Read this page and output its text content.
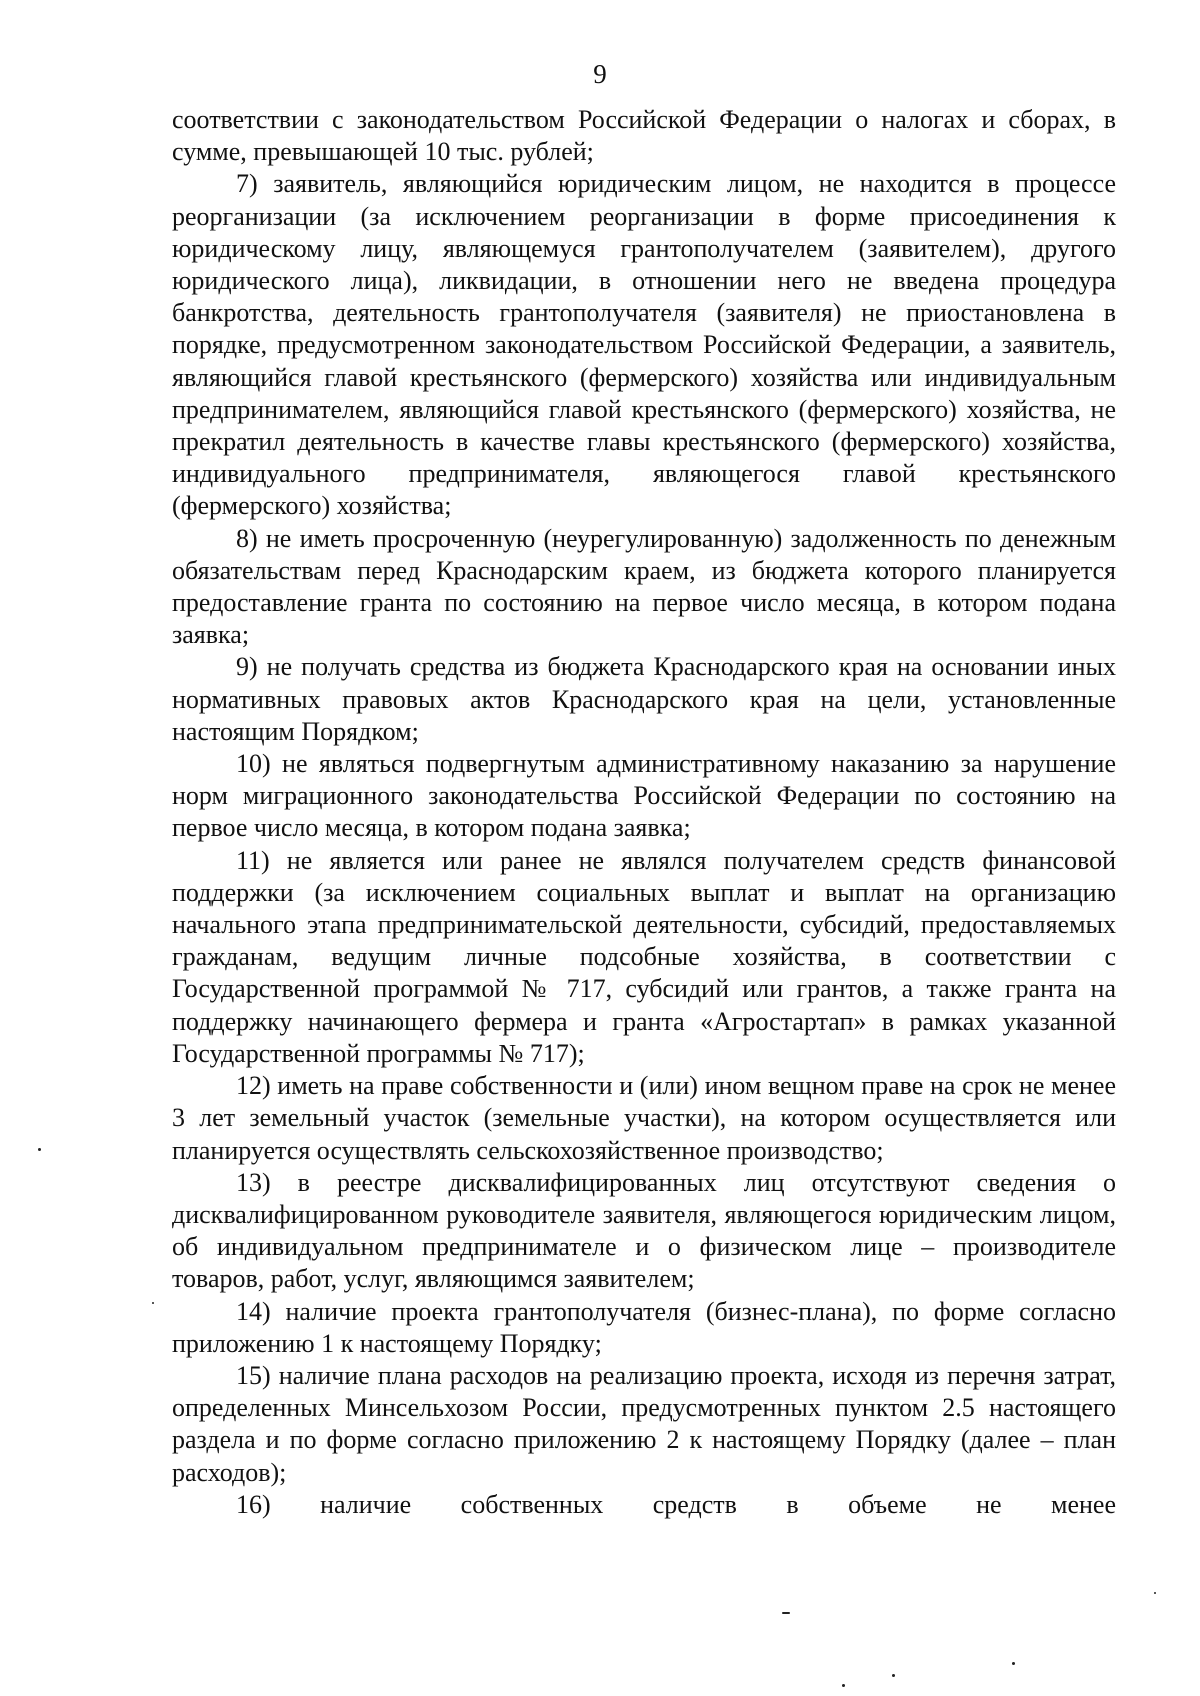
9

соответствии с законодательством Российской Федерации о налогах и сборах, в сумме, превышающей 10 тыс. рублей;

7) заявитель, являющийся юридическим лицом, не находится в процессе реорганизации (за исключением реорганизации в форме присоединения к юридическому лицу, являющемуся грантополучателем (заявителем), другого юридического лица), ликвидации, в отношении него не введена процедура банкротства, деятельность грантополучателя (заявителя) не приостановлена в порядке, предусмотренном законодательством Российской Федерации, а заявитель, являющийся главой крестьянского (фермерского) хозяйства или индивидуальным предпринимателем, являющийся главой крестьянского (фермерского) хозяйства, не прекратил деятельность в качестве главы крестьянского (фермерского) хозяйства, индивидуального предпринимателя, являющегося главой крестьянского (фермерского) хозяйства;

8) не иметь просроченную (неурегулированную) задолженность по денежным обязательствам перед Краснодарским краем, из бюджета которого планируется предоставление гранта по состоянию на первое число месяца, в котором подана заявка;

9) не получать средства из бюджета Краснодарского края на основании иных нормативных правовых актов Краснодарского края на цели, установленные настоящим Порядком;

10) не являться подвергнутым административному наказанию за нарушение норм миграционного законодательства Российской Федерации по состоянию на первое число месяца, в котором подана заявка;

11) не является или ранее не являлся получателем средств финансовой поддержки (за исключением социальных выплат и выплат на организацию начального этапа предпринимательской деятельности, субсидий, предоставляемых гражданам, ведущим личные подсобные хозяйства, в соответствии с Государственной программой № 717, субсидий или грантов, а также гранта на поддержку начинающего фермера и гранта «Агростартап» в рамках указанной Государственной программы № 717);

12) иметь на праве собственности и (или) ином вещном праве на срок не менее 3 лет земельный участок (земельные участки), на котором осуществляется или планируется осуществлять сельскохозяйственное производство;

13) в реестре дисквалифицированных лиц отсутствуют сведения о дисквалифицированном руководителе заявителя, являющегося юридическим лицом, об индивидуальном предпринимателе и о физическом лице – производителе товаров, работ, услуг, являющимся заявителем;

14) наличие проекта грантополучателя (бизнес-плана), по форме согласно приложению 1 к настоящему Порядку;

15) наличие плана расходов на реализацию проекта, исходя из перечня затрат, определенных Минсельхозом России, предусмотренных пунктом 2.5 настоящего раздела и по форме согласно приложению 2 к настоящему Порядку (далее – план расходов);

16) наличие собственных средств в объеме не менее
